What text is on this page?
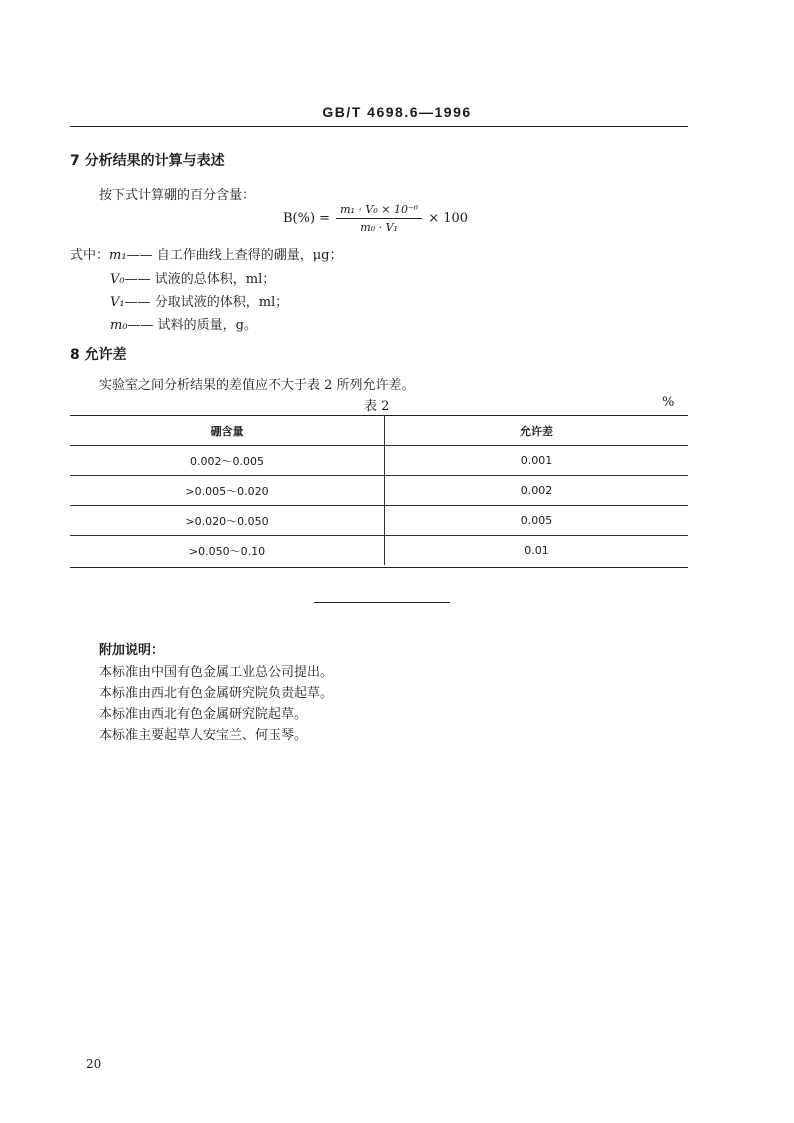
GB/T 4698.6—1996
7 分析结果的计算与表述
按下式计算硼的百分含量：
$B(\%) = \frac{\text{m₁ · V₀ × 10⁻⁶}}{\text{m₀ · V₁}} \times 100$
式中：m₁—— 自工作曲线上查得的硼量，μg；
V₀—— 试液的总体积，ml；
V₁—— 分取试液的体积，ml；
m₀—— 试料的质量，g。
8 允许差
实验室之间分析结果的差值应不大于表 2 所列允许差。
表 2	%
硼含量	允许差
0.002～0.005	0.001
>0.005～0.020	0.002
>0.020～0.050	0.005
>0.050～0.10	0.01
附加说明：
本标准由中国有色金属工业总公司提出。
本标准由西北有色金属研究院负责起草。
本标准由西北有色金属研究院起草。
本标准主要起草人安宝兰、何玉琴。
20
